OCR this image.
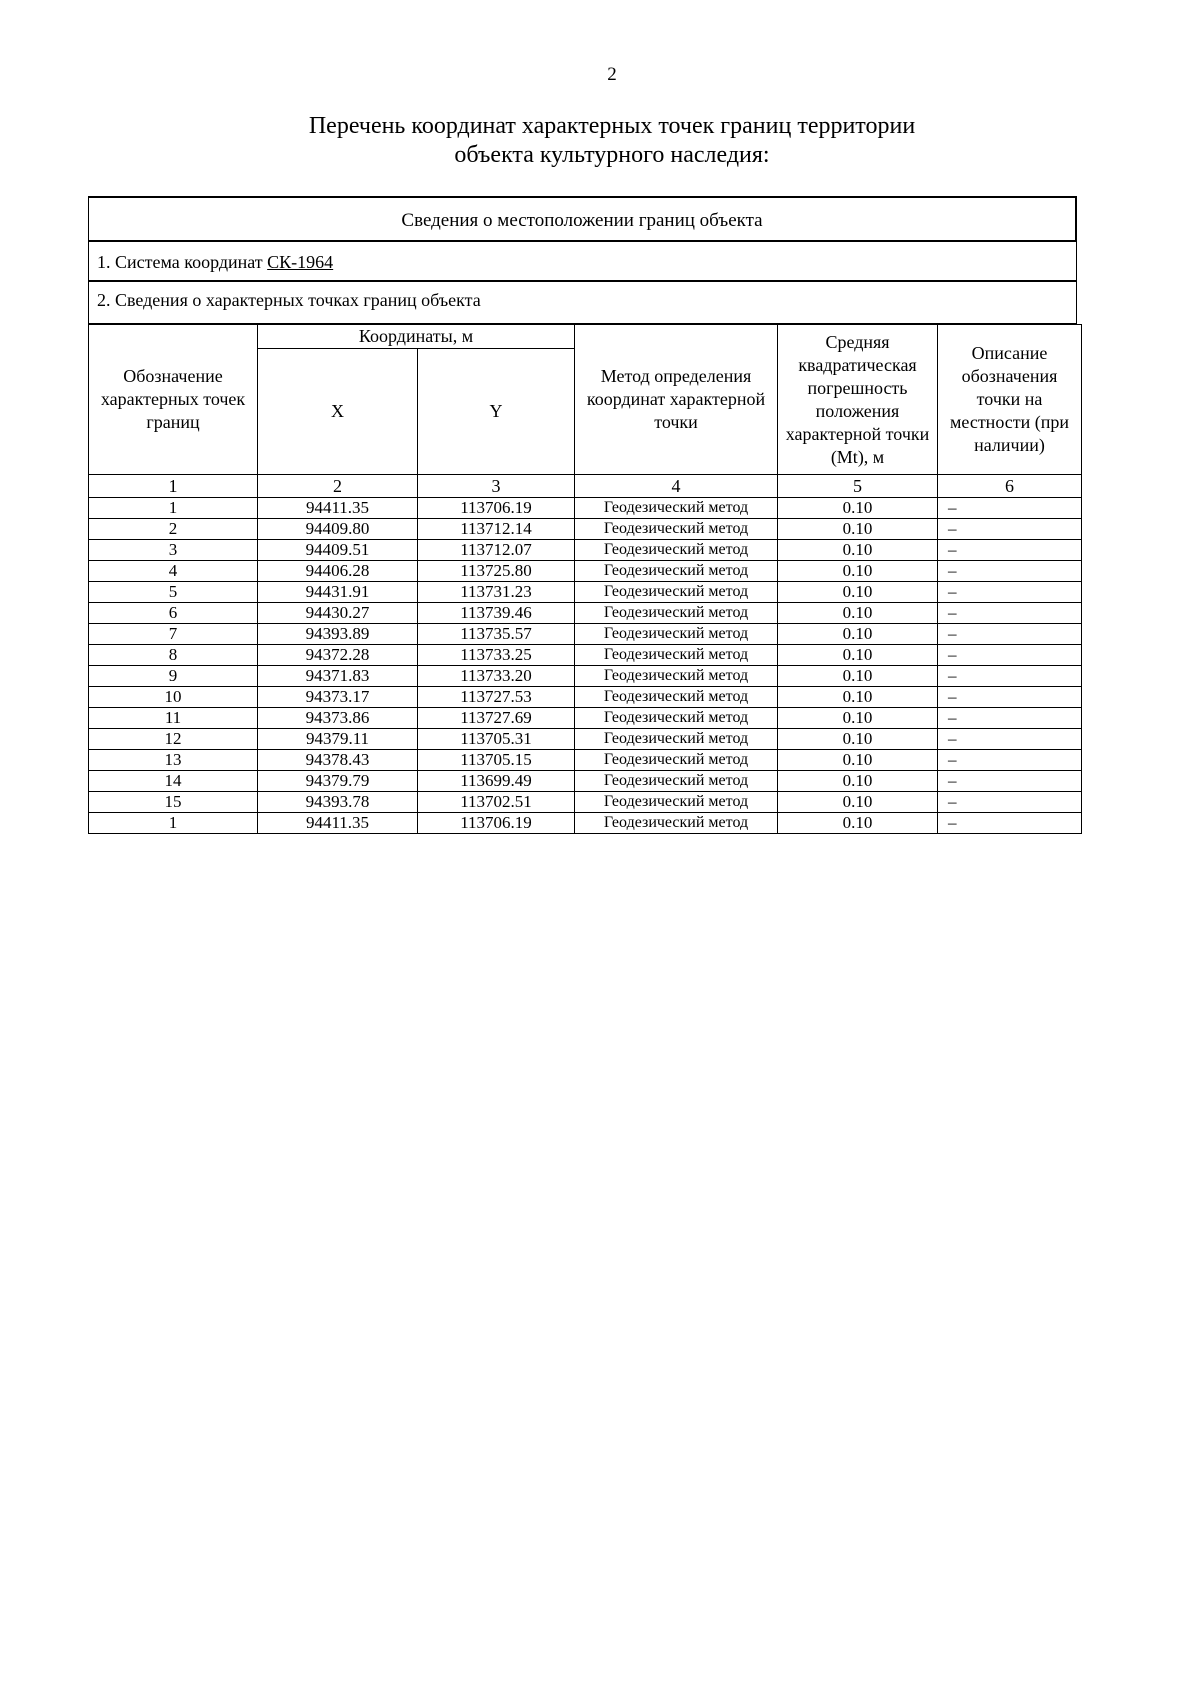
2
Перечень координат характерных точек границ территории
объекта культурного наследия:
Сведения о местоположении границ объекта
1. Система координат СК-1964
2. Сведения о характерных точках границ объекта
Обозначение характерных точек границ	Координаты, м		Метод определения координат характерной точки	Средняя квадратическая погрешность положения характерной точки (Mt), м	Описание обозначения точки на местности (при наличии)
	X	Y			
1	2	3	4	5	6
1	94411.35	113706.19	Геодезический метод	0.10	–
2	94409.80	113712.14	Геодезический метод	0.10	–
3	94409.51	113712.07	Геодезический метод	0.10	–
4	94406.28	113725.80	Геодезический метод	0.10	–
5	94431.91	113731.23	Геодезический метод	0.10	–
6	94430.27	113739.46	Геодезический метод	0.10	–
7	94393.89	113735.57	Геодезический метод	0.10	–
8	94372.28	113733.25	Геодезический метод	0.10	–
9	94371.83	113733.20	Геодезический метод	0.10	–
10	94373.17	113727.53	Геодезический метод	0.10	–
11	94373.86	113727.69	Геодезический метод	0.10	–
12	94379.11	113705.31	Геодезический метод	0.10	–
13	94378.43	113705.15	Геодезический метод	0.10	–
14	94379.79	113699.49	Геодезический метод	0.10	–
15	94393.78	113702.51	Геодезический метод	0.10	–
1	94411.35	113706.19	Геодезический метод	0.10	–
